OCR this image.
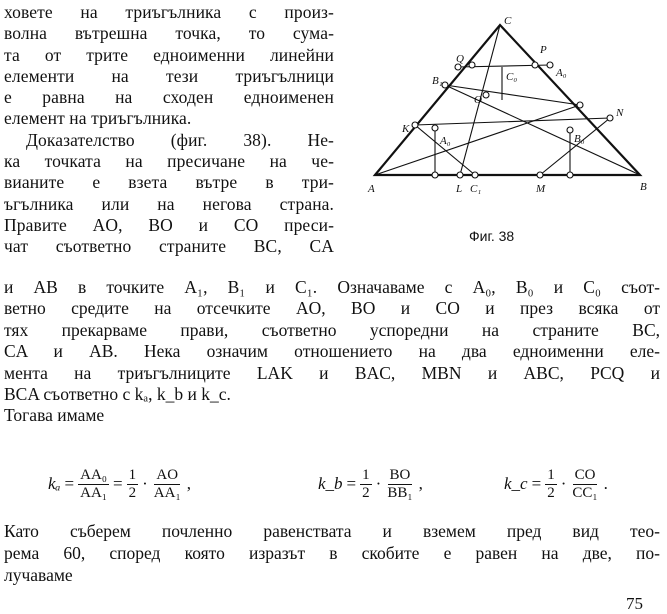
ховете на триъгълника с произ-
волна вътрешна точка, то сума-
та от трите едноименни линейни
елементи на тези триъгълници
е равна на сходен едноименен
елемент на триъгълника.
Доказателство (фиг. 38). Не-
ка точката на пресичане на че-
вианите е взета вътре в три-
ъгълника или на негова страна.
Правите AO, BO и CO преси-
чат съответно страните BC, CA
C
P
A₀
Q
B₁	C₀
O
N
K
A₀	B₀
A	L C₁	M	B
Фиг. 38
и AB в точките A₁, B₁ и C₁. Означаваме с A₀, B₀ и C₀ съот-
ветно средите на отсечките AO, BO и CO и през всяка от
тях прекарваме прави, съответно успоредни на страните BC,
CA и AB. Нека означим отношението на два едноименни еле-
мента на триъгълниците LAK и BAC, MBN и ABC, PCQ и
BCA съответно с kₐ, k_b и k_c.
Тогава имаме
$k_a = \frac{\text{AA₀}}{\text{AA₁}} = \frac{1}{2} \cdot \frac{AO}{\text{AA₁}}$ ,	k_b = $\frac{1}{2} \cdot \frac{BO}{\text{BB₁}}$ ,	k_c = $\frac{1}{2} \cdot \frac{CO}{\text{CC₁}}$ .
Като съберем почленно равенствата и вземем пред вид тео-
рема 60, според която изразът в скобите е равен на две, по-
лучаваме
75
